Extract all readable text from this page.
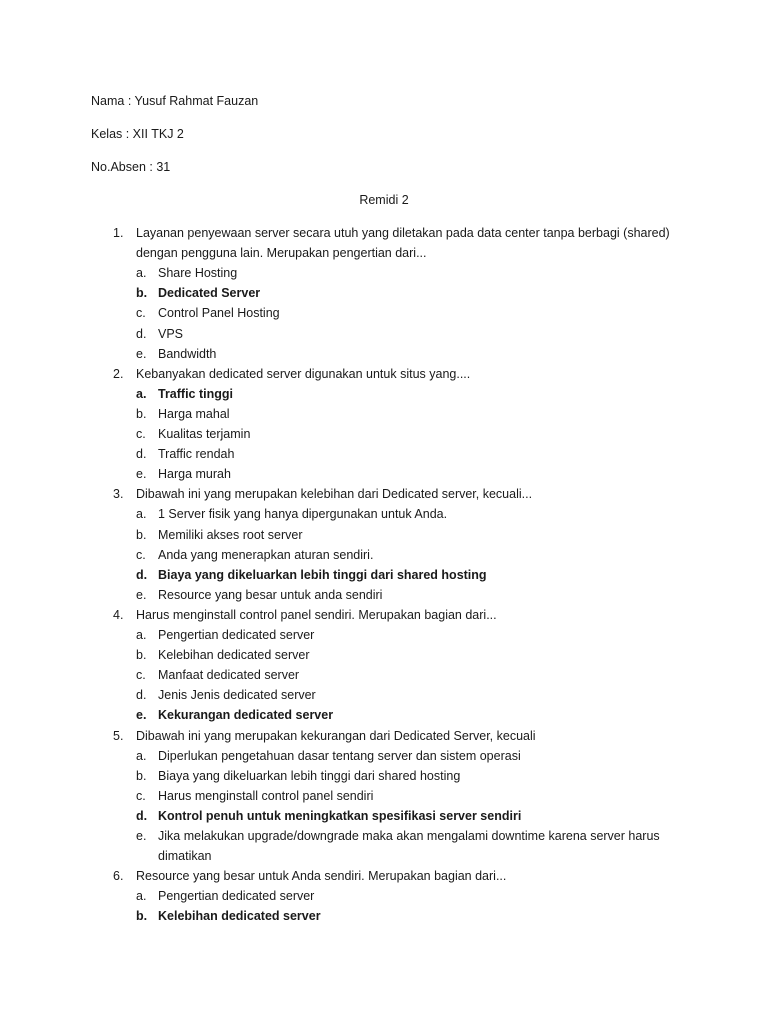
Nama : Yusuf Rahmat Fauzan
Kelas : XII TKJ 2
No.Absen : 31
Remidi 2
1. Layanan penyewaan server secara utuh yang diletakan pada data center tanpa berbagi (shared)
dengan pengguna lain. Merupakan pengertian dari...
a. Share Hosting
b. Dedicated Server
c. Control Panel Hosting
d. VPS
e. Bandwidth
2. Kebanyakan dedicated server digunakan untuk situs yang....
a. Traffic tinggi
b. Harga mahal
c. Kualitas terjamin
d. Traffic rendah
e. Harga murah
3. Dibawah ini yang merupakan kelebihan dari Dedicated server, kecuali...
a. 1 Server fisik yang hanya dipergunakan untuk Anda.
b. Memiliki akses root server
c. Anda yang menerapkan aturan sendiri.
d. Biaya yang dikeluarkan lebih tinggi dari shared hosting
e. Resource yang besar untuk anda sendiri
4. Harus menginstall control panel sendiri. Merupakan bagian dari...
a. Pengertian dedicated server
b. Kelebihan dedicated server
c. Manfaat dedicated server
d. Jenis Jenis dedicated server
e. Kekurangan dedicated server
5. Dibawah ini yang merupakan kekurangan dari Dedicated Server, kecuali
a. Diperlukan pengetahuan dasar tentang server dan sistem operasi
b. Biaya yang dikeluarkan lebih tinggi dari shared hosting
c. Harus menginstall control panel sendiri
d. Kontrol penuh untuk meningkatkan spesifikasi server sendiri
e. Jika melakukan upgrade/downgrade maka akan mengalami downtime karena server harus
dimatikan
6. Resource yang besar untuk Anda sendiri. Merupakan bagian dari...
a. Pengertian dedicated server
b. Kelebihan dedicated server
